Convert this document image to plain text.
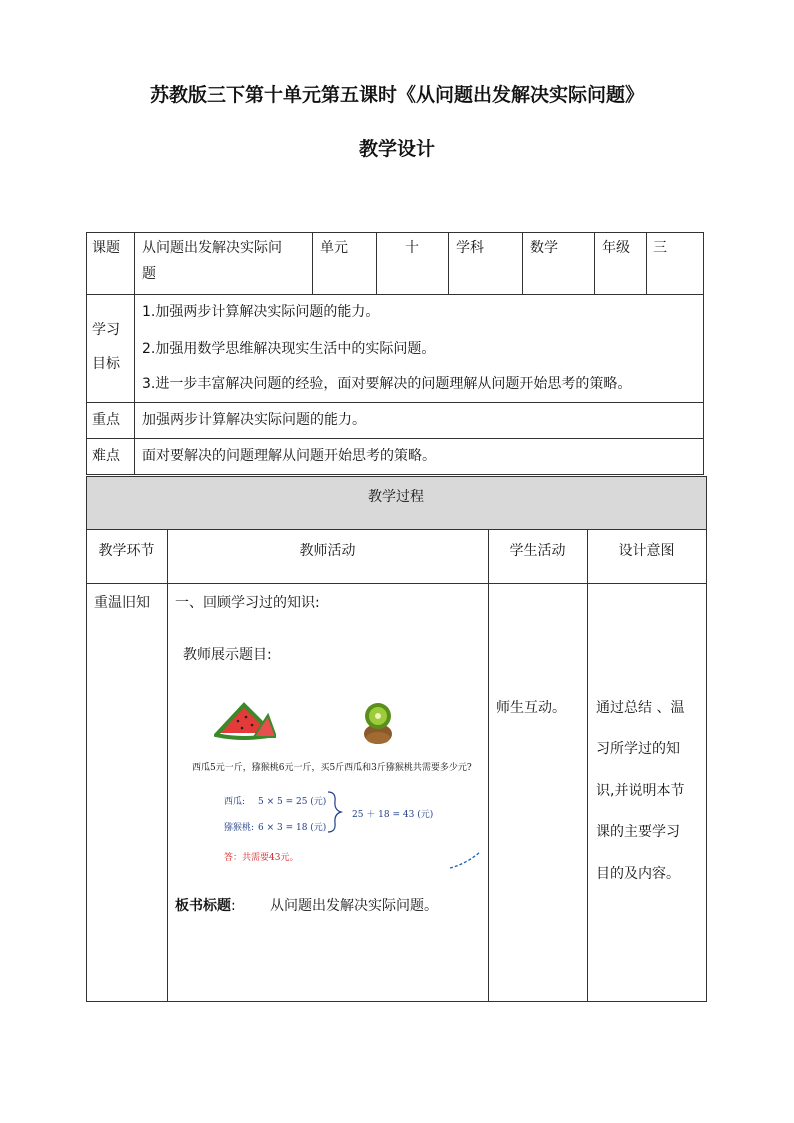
苏教版三下第十单元第五课时《从问题出发解决实际问题》
教学设计
课题 从问题出发解决实际问
题
单元	十	学科	数学	年级 三
学习
目标
1.加强两步计算解决实际问题的能力。
2.加强用数学思维解决现实生活中的实际问题。
3.进一步丰富解决问题的经验，面对要解决的问题理解从问题开始思考的策略。
重点 加强两步计算解决实际问题的能力。
难点 面对要解决的问题理解从问题开始思考的策略。
教学过程
教学环节	教师活动	学生活动	设计意图
重温旧知 一、回顾学习过的知识:
教师展示题目:
西瓜5元一斤，猕猴桃6元一斤，买5斤西瓜和3斤猕猴桃共需要多少元?
西瓜: 5 × 5 = 25 (元)
猕猴桃: 6 × 3 = 18 (元)
25 ＋ 18 = 43 (元)
答：共需要43元。
板书标题: 从问题出发解决实际问题。
师生互动。 通过总结 、温
习所学过的知
识,并说明本节
课的主要学习
目的及内容。
